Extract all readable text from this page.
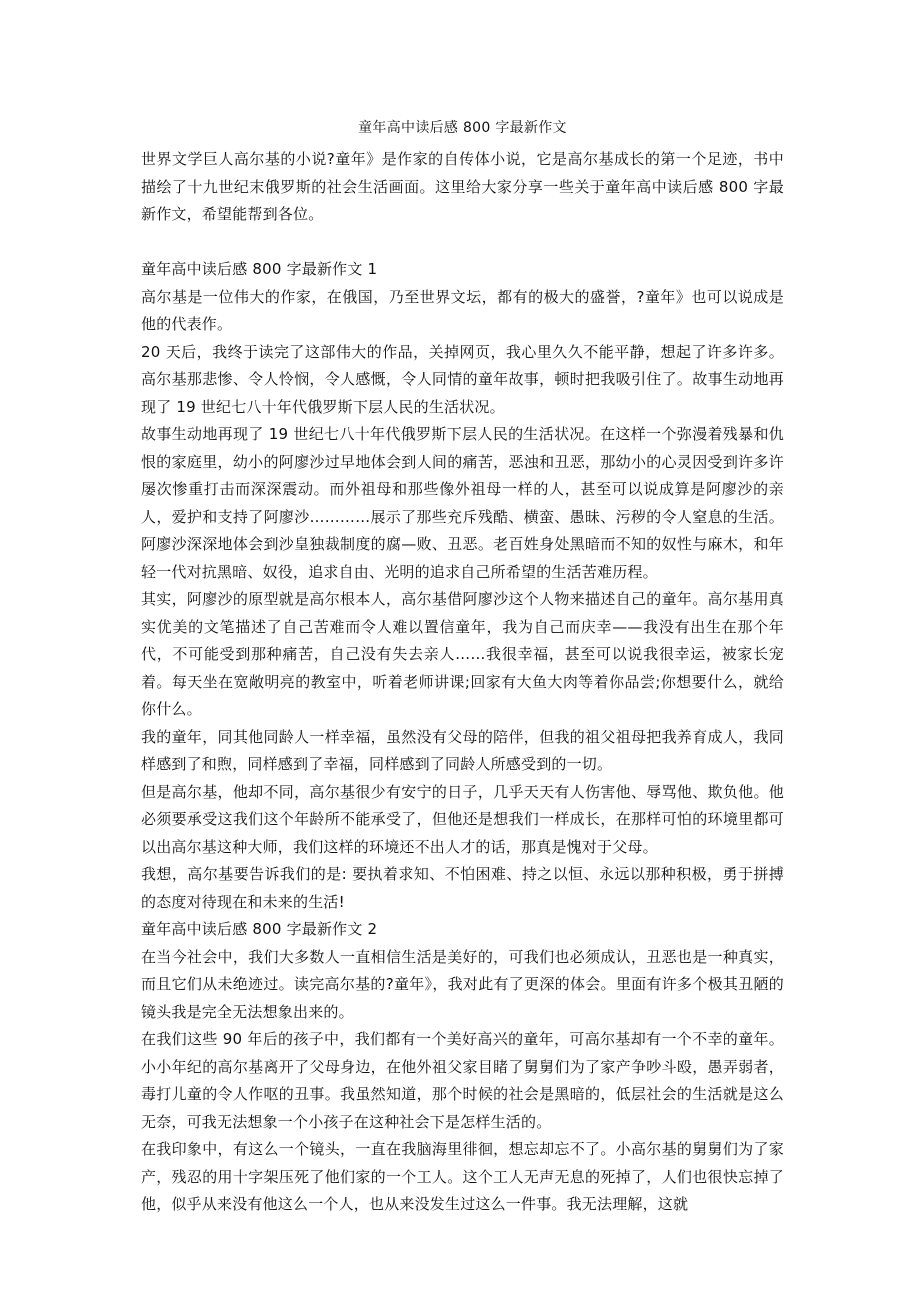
童年高中读后感 800 字最新作文

世界文学巨人高尔基的小说?童年》是作家的自传体小说，它是高尔基成长的第一个足迹，书中描绘了十九世纪末俄罗斯的社会生活画面。这里给大家分享一些关于童年高中读后感 800 字最新作文，希望能帮到各位。

童年高中读后感 800 字最新作文 1

高尔基是一位伟大的作家，在俄国，乃至世界文坛，都有的极大的盛誉，?童年》也可以说成是他的代表作。

20 天后，我终于读完了这部伟大的作品，关掉网页，我心里久久不能平静，想起了许多许多。高尔基那悲惨、令人怜悯，令人感慨，令人同情的童年故事，顿时把我吸引住了。故事生动地再现了 19 世纪七八十年代俄罗斯下层人民的生活状况。

故事生动地再现了 19 世纪七八十年代俄罗斯下层人民的生活状况。在这样一个弥漫着残暴和仇恨的家庭里，幼小的阿廖沙过早地体会到人间的痛苦，恶浊和丑恶，那幼小的心灵因受到许多许屡次惨重打击而深深震动。而外祖母和那些像外祖母一样的人，甚至可以说成算是阿廖沙的亲人，爱护和支持了阿廖沙…………展示了那些充斥残酷、横蛮、愚昧、污秽的令人窒息的生活。阿廖沙深深地体会到沙皇独裁制度的腐—败、丑恶。老百姓身处黑暗而不知的奴性与麻木，和年轻一代对抗黑暗、奴役，追求自由、光明的追求自己所希望的生活苦难历程。

其实，阿廖沙的原型就是高尔根本人，高尔基借阿廖沙这个人物来描述自己的童年。高尔基用真实优美的文笔描述了自己苦难而令人难以置信童年，我为自己而庆幸——我没有出生在那个年代，不可能受到那种痛苦，自己没有失去亲人……我很幸福，甚至可以说我很幸运，被家长宠着。每天坐在宽敞明亮的教室中，听着老师讲课;回家有大鱼大肉等着你品尝;你想要什么，就给你什么。

我的童年，同其他同龄人一样幸福，虽然没有父母的陪伴，但我的祖父祖母把我养育成人，我同样感到了和煦，同样感到了幸福，同样感到了同龄人所感受到的一切。

但是高尔基，他却不同，高尔基很少有安宁的日子，几乎天天有人伤害他、辱骂他、欺负他。他必须要承受这我们这个年龄所不能承受了，但他还是想我们一样成长，在那样可怕的环境里都可以出高尔基这种大师，我们这样的环境还不出人才的话，那真是愧对于父母。

我想，高尔基要告诉我们的是: 要执着求知、不怕困难、持之以恒、永远以那种积极，勇于拼搏的态度对待现在和未来的生活!

童年高中读后感 800 字最新作文 2

在当今社会中，我们大多数人一直相信生活是美好的，可我们也必须成认，丑恶也是一种真实，而且它们从未绝迹过。读完高尔基的?童年》，我对此有了更深的体会。里面有许多个极其丑陋的镜头我是完全无法想象出来的。

在我们这些 90 年后的孩子中，我们都有一个美好高兴的童年，可高尔基却有一个不幸的童年。小小年纪的高尔基离开了父母身边，在他外祖父家目睹了舅舅们为了家产争吵斗殴，愚弄弱者，毒打儿童的令人作呕的丑事。我虽然知道，那个时候的社会是黑暗的，低层社会的生活就是这么无奈，可我无法想象一个小孩子在这种社会下是怎样生活的。

在我印象中，有这么一个镜头，一直在我脑海里徘徊，想忘却忘不了。小高尔基的舅舅们为了家产，残忍的用十字架压死了他们家的一个工人。这个工人无声无息的死掉了，人们也很快忘掉了他，似乎从来没有他这么一个人，也从来没发生过这么一件事。我无法理解，这就
